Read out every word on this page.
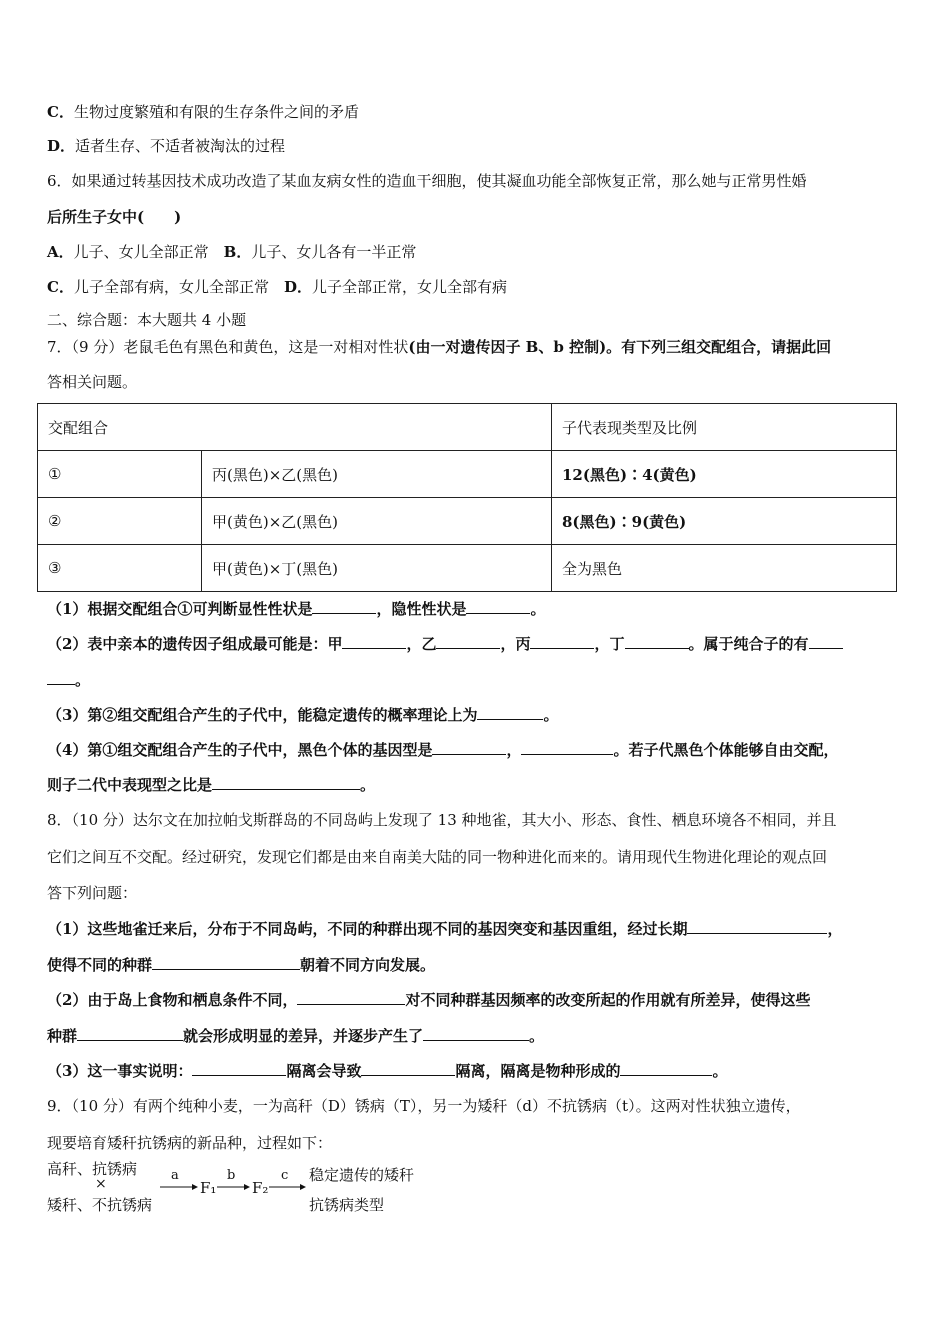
C．生物过度繁殖和有限的生存条件之间的矛盾
D．适者生存、不适者被淘汰的过程
6．如果通过转基因技术成功改造了某血友病女性的造血干细胞，使其凝血功能全部恢复正常，那么她与正常男性婚
后所生子女中(　　)
A．儿子、女儿全部正常　B．儿子、女儿各有一半正常
C．儿子全部有病，女儿全部正常　D．儿子全部正常，女儿全部有病
二、综合题：本大题共 4 小题
7．（9 分）老鼠毛色有黑色和黄色，这是一对相对性状(由一对遗传因子 B、b 控制)。有下列三组交配组合，请据此回
答相关问题。
交配组合		子代表现类型及比例
①	丙(黑色)×乙(黑色)	12(黑色)∶4(黄色)
②	甲(黄色)×乙(黑色)	8(黑色)∶9(黄色)
③	甲(黄色)×丁(黑色)	全为黑色
（1）根据交配组合①可判断显性性状是	，隐性性状是	。
（2）表中亲本的遗传因子组成最可能是：甲	，乙	，丙	，丁	。属于纯合子的有
。
（3）第②组交配组合产生的子代中，能稳定遗传的概率理论上为	。
（4）第①组交配组合产生的子代中，黑色个体的基因型是	，	。若子代黑色个体能够自由交配，
则子二代中表现型之比是	。
8．（10 分）达尔文在加拉帕戈斯群岛的不同岛屿上发现了 13 种地雀，其大小、形态、食性、栖息环境各不相同，并且
它们之间互不交配。经过研究，发现它们都是由来自南美大陆的同一物种进化而来的。请用现代生物进化理论的观点回
答下列问题：
（1）这些地雀迁来后，分布于不同岛屿，不同的种群出现不同的基因突变和基因重组，经过长期	，
使得不同的种群	朝着不同方向发展。
（2）由于岛上食物和栖息条件不同，	对不同种群基因频率的改变所起的作用就有所差异，使得这些
种群	就会形成明显的差异，并逐步产生了	。
（3）这一事实说明：	隔离会导致	隔离，隔离是物种形成的	。
9．（10 分）有两个纯种小麦，一为高秆（D）锈病（T），另一为矮秆（d）不抗锈病（t）。这两对性状独立遗传，
现要培育矮秆抗锈病的新品种，过程如下：
高秆、抗锈病
×
矮秆、不抗锈病
a
F₁
b
F₂
c 稳定遗传的矮秆
抗锈病类型
